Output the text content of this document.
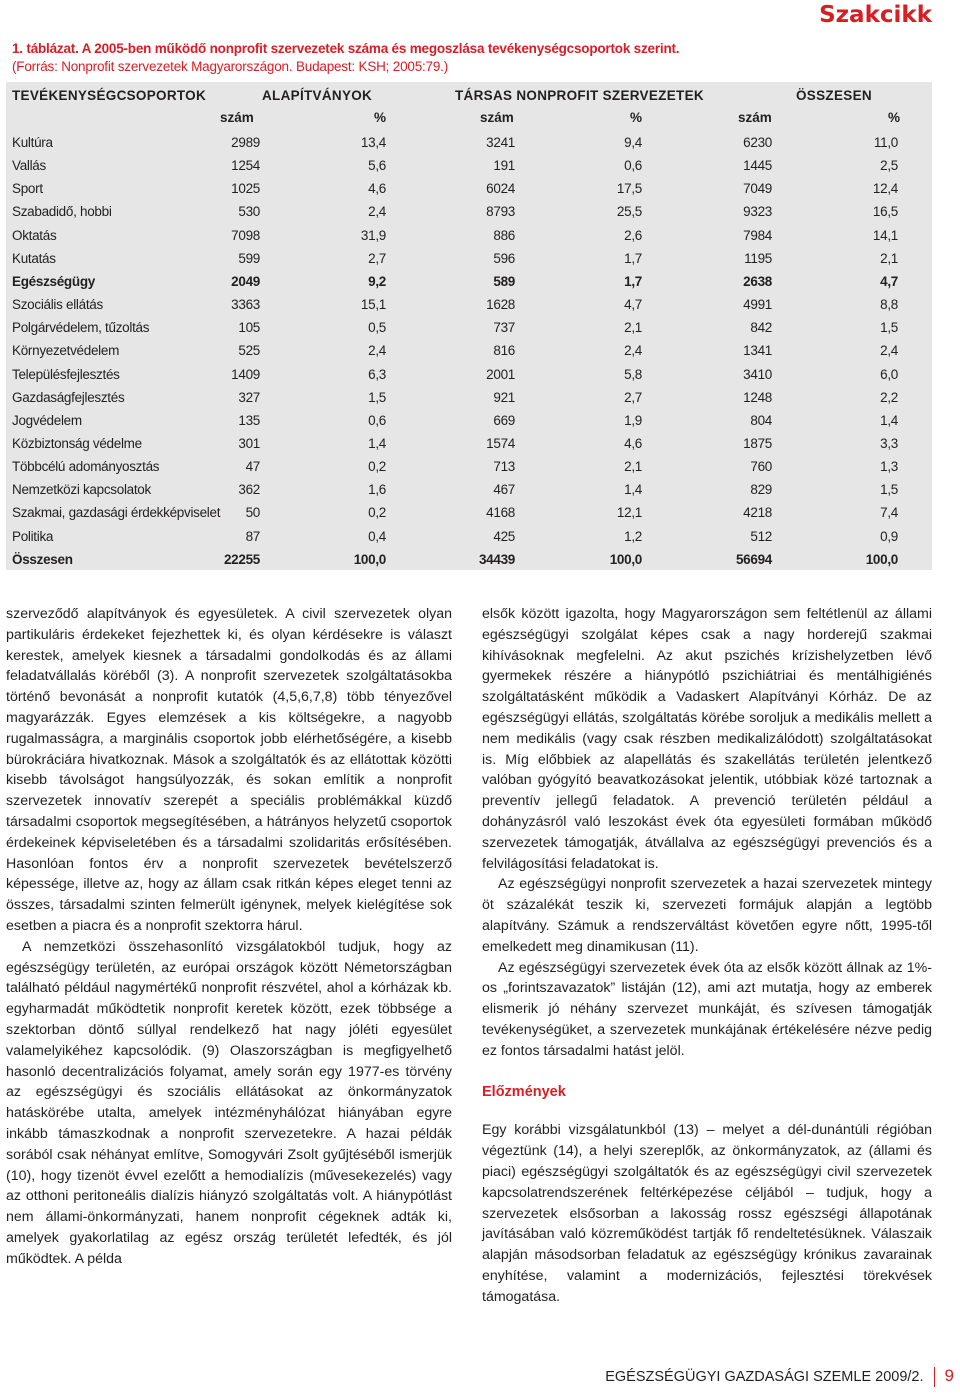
Szakcikk
1. táblázat. A 2005-ben működő nonprofit szervezetek száma és megoszlása tevékenységcsoportok szerint.
(Forrás: Nonprofit szervezetek Magyarországon. Budapest: KSH; 2005:79.)
TEVÉKENYSÉGCSOPORTOK	ALAPÍTVÁNYOK	TÁRSAS NONPROFIT SZERVEZETEK	ÖSSZESEN
szám	%	szám	%	szám	%
Kultúra	2989	13,4	3241	9,4	6230	11,0
Vallás	1254	5,6	191	0,6	1445	2,5
Sport	1025	4,6	6024	17,5	7049	12,4
Szabadidő, hobbi	530	2,4	8793	25,5	9323	16,5
Oktatás	7098	31,9	886	2,6	7984	14,1
Kutatás	599	2,7	596	1,7	1195	2,1
Egészségügy	2049	9,2	589	1,7	2638	4,7
Szociális ellátás	3363	15,1	1628	4,7	4991	8,8
Polgárvédelem, tűzoltás	105	0,5	737	2,1	842	1,5
Környezetvédelem	525	2,4	816	2,4	1341	2,4
Településfejlesztés	1409	6,3	2001	5,8	3410	6,0
Gazdaságfejlesztés	327	1,5	921	2,7	1248	2,2
Jogvédelem	135	0,6	669	1,9	804	1,4
Közbiztonság védelme	301	1,4	1574	4,6	1875	3,3
Többcélú adományosztás	47	0,2	713	2,1	760	1,3
Nemzetközi kapcsolatok	362	1,6	467	1,4	829	1,5
Szakmai, gazdasági érdekképviselet 50	0,2	4168	12,1	4218	7,4
Politika	87	0,4	425	1,2	512	0,9
Összesen	22255	100,0	34439	100,0	56694	100,0

szerveződő alapítványok és egyesületek. A civil szervezetek olyan partikuláris érdekeket fejezhettek ki, és olyan kérdésekre is választ kerestek, amelyek kiesnek a társadalmi gondolkodás és az állami feladatvállalás köréből (3). A nonprofit szervezetek szolgáltatásokba történő bevonását a nonprofit kutatók (4,5,6,7,8) több tényezővel magyarázzák. Egyes elemzések a kis költségekre, a nagyobb rugalmasságra, a marginális csoportok jobb elérhetőségére, a kisebb bürokráciára hivatkoznak. Mások a szolgáltatók és az ellátottak közötti kisebb távolságot hangsúlyozzák, és sokan említik a nonprofit szervezetek innovatív szerepét a speciális problémákkal küzdő társadalmi csoportok megsegítésében, a hátrányos helyzetű csoportok érdekeinek képviseletében és a társadalmi szolidaritás erősítésében. Hasonlóan fontos érv a nonprofit szervezetek bevételszerző képessége, illetve az, hogy az állam csak ritkán képes eleget tenni az összes, társadalmi szinten felmerült igénynek, melyek kielégítése sok esetben a piacra és a nonprofit szektorra hárul.

A nemzetközi összehasonlító vizsgálatokból tudjuk, hogy az egészségügy területén, az európai országok között Németországban található például nagymértékű nonprofit részvétel, ahol a kórházak kb. egyharmadát működtetik nonprofit keretek között, ezek többsége a szektorban döntő súllyal rendelkező hat nagy jóléti egyesület valamelyikéhez kapcsolódik. (9) Olaszországban is megfigyelhető hasonló decentralizációs folyamat, amely során egy 1977-es törvény az egészségügyi és szociális ellátásokat az önkormányzatok hatáskörébe utalta, amelyek intézményhálózat hiányában egyre inkább támaszkodnak a nonprofit szervezetekre. A hazai példák sorából csak néhányat említve, Somogyvári Zsolt gyűjtéséből ismerjük (10), hogy tizenöt évvel ezelőtt a hemodialízis (művesekezelés) vagy az otthoni peritoneális dialízis hiányzó szolgáltatás volt. A hiánypótlást nem állami-önkormányzati, hanem nonprofit cégeknek adták ki, amelyek gyakorlatilag az egész ország területét lefedték, és jól működtek. A példa

elsők között igazolta, hogy Magyarországon sem feltétlenül az állami egészségügyi szolgálat képes csak a nagy horderejű szakmai kihívásoknak megfelelni. Az akut pszichés krízishelyzetben lévő gyermekek részére a hiánypótló pszichiátriai és mentálhigiénés szolgáltatásként működik a Vadaskert Alapítványi Kórház. De az egészségügyi ellátás, szolgáltatás körébe soroljuk a medikális mellett a nem medikális (vagy csak részben medikalizálódott) szolgáltatásokat is. Míg előbbiek az alapellátás és szakellátás területén jelentkező valóban gyógyító beavatkozásokat jelentik, utóbbiak közé tartoznak a preventív jellegű feladatok. A prevenció területén például a dohányzásról való leszokást évek óta egyesületi formában működő szervezetek támogatják, átvállalva az egészségügyi prevenciós és a felvilágosítási feladatokat is.

Az egészségügyi nonprofit szervezetek a hazai szervezetek mintegy öt százalékát teszik ki, szervezeti formájuk alapján a legtöbb alapítvány. Számuk a rendszerváltást követően egyre nőtt, 1995-től emelkedett meg dinamikusan (11).

Az egészségügyi szervezetek évek óta az elsők között állnak az 1%-os „forintszavazatok” listáján (12), ami azt mutatja, hogy az emberek elismerik jó néhány szervezet munkáját, és szívesen támogatják tevékenységüket, a szervezetek munkájának értékelésére nézve pedig ez fontos társadalmi hatást jelöl.

Előzmények

Egy korábbi vizsgálatunkból (13) – melyet a dél-dunántúli régióban végeztünk (14), a helyi szereplők, az önkormányzatok, az (állami és piaci) egészségügyi szolgáltatók és az egészségügyi civil szervezetek kapcsolatrendszerének feltérképezése céljából – tudjuk, hogy a szervezetek elsősorban a lakosság rossz egészségi állapotának javításában való közreműködést tartják fő rendeltetésüknek. Válaszaik alapján másodsorban feladatuk az egészségügy krónikus zavarainak enyhítése, valamint a modernizációs, fejlesztési törekvések támogatása.

EGÉSZSÉGÜGYI GAZDASÁGI SZEMLE 2009/2. 9
